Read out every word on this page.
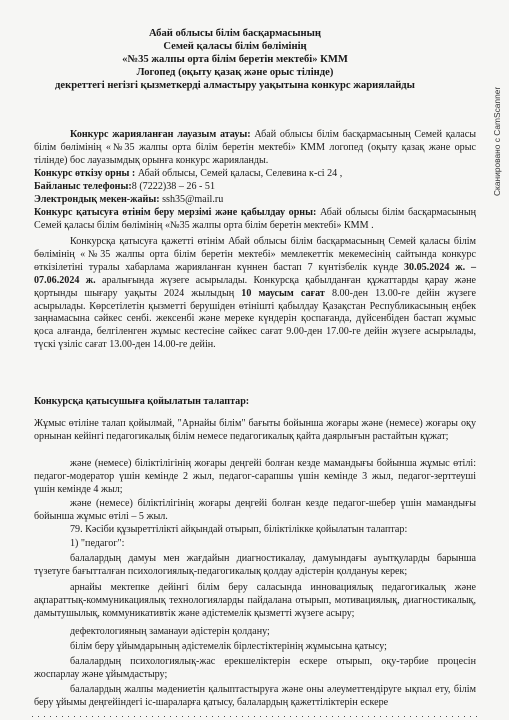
Сканировано с CamScanner
Абай облысы білім басқармасының
Семей қаласы білім бөлімінің
«№35 жалпы орта білім беретін мектебі» КММ
Логопед (оқыту қазақ және орыс тілінде)
декреттегі негізгі қызметкерді алмастыру уақытына конкурс жариялайды
Конкурс жарияланған лауазым атауы: Абай облысы білім басқармасының Семей қаласы білім бөлімінің «№35 жалпы орта білім беретін мектебі» КММ логопед (оқыту қазақ және орыс тілінде) бос лауазымдық орынға конкурс жарияланды.
Конкурс өткізу орны : Абай облысы, Семей қаласы, Селевина к-сі 24 ,
Байланыс телефоны:8 (7222)38 – 26 - 51
Электрондық мекен-жайы: ssh35@mail.ru
Конкурс қатысуға өтінім беру мерзімі және қабылдау орны: Абай облысы білім басқармасының Семей қаласы білім бөлімінің «№35 жалпы орта білім беретін мектебі» КММ .
Конкурсқа қатысуға қажетті өтінім Абай облысы білім басқармасының Семей қаласы білім бөлімінің «№35 жалпы орта білім беретін мектебі» мемлекеттік мекемесінің сайтында конкурс өткізілетіні туралы хабарлама жарияланған күннен бастап 7 күнтізбелік күнде 30.05.2024 ж. – 07.06.2024 ж. аралығында жүзеге асырылады. Конкурсқа қабылданған құжаттарды қарау және қортынды шығару уақыты 2024 жылыдың 10 маусым сағат 8.00-ден 13.00-ге дейін жүзеге асырылады. Көрсетілетін қызметті берушіден өтінішті қабылдау Қазақстан Республикасының еңбек заңнамасына сәйкес сенбі. жексенбі және мереке күндерін қоспағанда, дүйсенбіден бастап жұмыс қоса алғанда, белгіленген жұмыс кестесіне сәйкес сағат 9.00-ден 17.00-ге дейін жүзеге асырылады, түскі үзіліс сағат 13.00-ден 14.00-ге дейін.
Конкурсқа қатысушыға қойылатын талаптар:
Жұмыс өтіліне талап қойылмай, "Арнайы білім" бағыты бойынша жоғары және (немесе) жоғары оқу орнынан кейінгі педагогикалық білім немесе педагогикалық қайта даярлығын растайтын құжат;
және (немесе) біліктілігінің жоғары деңгейі болған кезде мамандығы бойынша жұмыс өтілі: педагог-модератор үшін кемінде 2 жыл, педагог-сарапшы үшін кемінде 3 жыл, педагог-зерттеуші үшін кемінде 4 жыл;
және (немесе) біліктілігінің жоғары деңгейі болған кезде педагог-шебер үшін мамандығы бойынша жұмыс өтілі – 5 жыл.
79. Кәсіби құзыреттілікті айқындай отырып, біліктілікке қойылатын талаптар:
1) "педагог":
балалардың дамуы мен жағдайын диагностикалау, дамуындағы ауытқуларды барынша түзетуге бағытталған психологиялық-педагогикалық қолдау әдістерін қолдануы керек;
арнайы мектепке дейінгі білім беру саласында инновациялық педагогикалық және ақпараттық-коммуникациялық технологияларды пайдалана отырып, мотивациялық, диагностикалық, дамытушылық, коммуникативтік және әдістемелік қызметті жүзеге асыру;
дефектологияның заманауи әдістерін қолдану;
білім беру ұйымдарының әдістемелік бірлестіктерінің жұмысына қатысу;
балалардың психологиялық-жас ерекшеліктерін ескере отырып, оқу-тәрбие процесін жоспарлау және ұйымдастыру;
балалардың жалпы мәдениетін қалыптастыруға және оны әлеуметтендіруге ықпал ету, білім беру ұйымы деңгейіндегі іс-шараларға қатысу, балалардың қажеттіліктерін ескере
